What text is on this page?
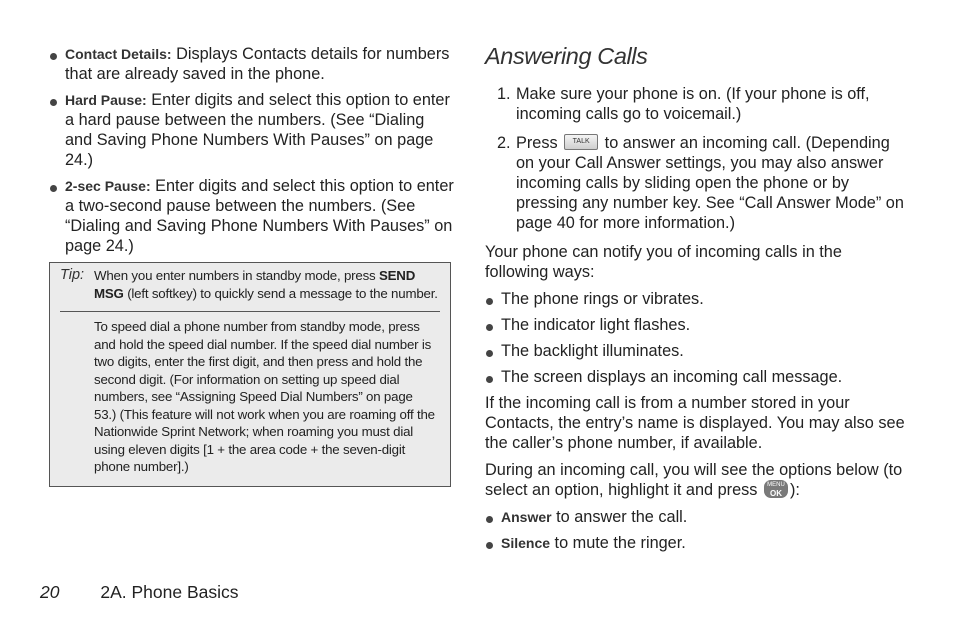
Contact Details: Displays Contacts details for numbers that are already saved in the phone.
Hard Pause: Enter digits and select this option to enter a hard pause between the numbers. (See “Dialing and Saving Phone Numbers With Pauses” on page 24.)
2-sec Pause: Enter digits and select this option to enter a two-second pause between the numbers. (See “Dialing and Saving Phone Numbers With Pauses” on page 24.)
Tip: When you enter numbers in standby mode, press SEND MSG (left softkey) to quickly send a message to the number.
To speed dial a phone number from standby mode, press and hold the speed dial number. If the speed dial number is two digits, enter the first digit, and then press and hold the second digit. (For information on setting up speed dial numbers, see “Assigning Speed Dial Numbers” on page 53.) (This feature will not work when you are roaming off the Nationwide Sprint Network; when roaming you must dial using eleven digits [1 + the area code + the seven-digit phone number].)
Answering Calls
1. Make sure your phone is on. (If your phone is off, incoming calls go to voicemail.)
2. Press TALK to answer an incoming call. (Depending on your Call Answer settings, you may also answer incoming calls by sliding open the phone or by pressing any number key. See “Call Answer Mode” on page 40 for more information.)

Your phone can notify you of incoming calls in the following ways:

The phone rings or vibrates.
The indicator light flashes.
The backlight illuminates.
The screen displays an incoming call message.

If the incoming call is from a number stored in your Contacts, the entry’s name is displayed. You may also see the caller’s phone number, if available.

During an incoming call, you will see the options below (to select an option, highlight it and press MENU
OK ):

Answer to answer the call.
Silence to mute the ringer.
20 2A. Phone Basics
